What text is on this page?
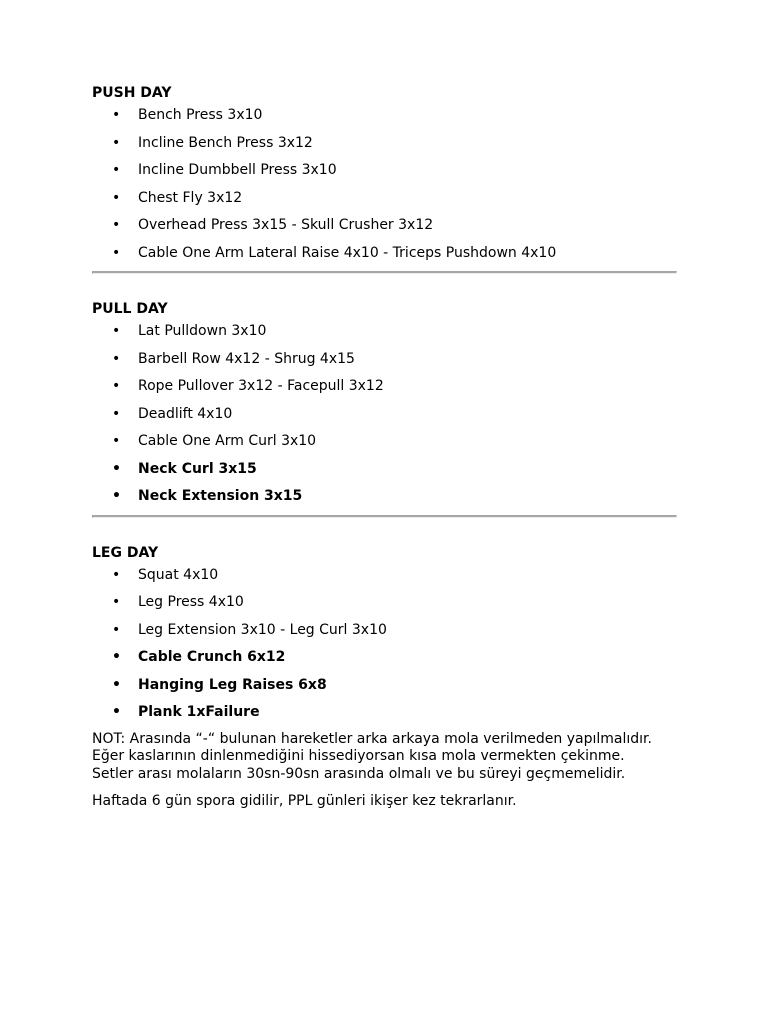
PUSH DAY

• Bench Press 3x10
• Incline Bench Press 3x12
• Incline Dumbbell Press 3x10
• Chest Fly 3x12
• Overhead Press 3x15 - Skull Crusher 3x12
• Cable One Arm Lateral Raise 4x10 - Triceps Pushdown 4x10

PULL DAY

• Lat Pulldown 3x10
• Barbell Row 4x12 - Shrug 4x15
• Rope Pullover 3x12 - Facepull 3x12
• Deadlift 4x10
• Cable One Arm Curl 3x10
• Neck Curl 3x15
• Neck Extension 3x15

LEG DAY

• Squat 4x10
• Leg Press 4x10
• Leg Extension 3x10 - Leg Curl 3x10
• Cable Crunch 6x12
• Hanging Leg Raises 6x8
• Plank 1xFailure
NOT: Arasında “-“ bulunan hareketler arka arkaya mola verilmeden yapılmalıdır.
Eğer kaslarının dinlenmediğini hissediyorsan kısa mola vermekten çekinme.
Setler arası molaların 30sn-90sn arasında olmalı ve bu süreyi geçmemelidir.
Haftada 6 gün spora gidilir, PPL günleri ikişer kez tekrarlanır.
